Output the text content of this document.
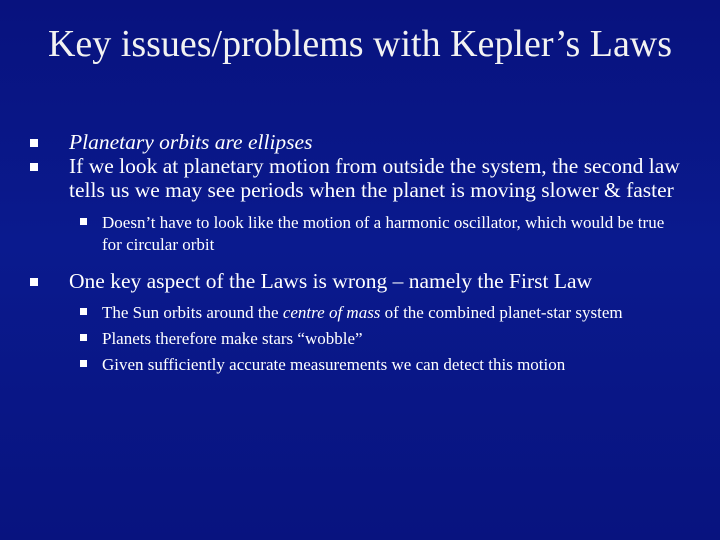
Key issues/problems with Kepler’s Laws
Planetary orbits are ellipses
If we look at planetary motion from outside the system, the second law tells us we may see periods when the planet is moving slower & faster
Doesn’t have to look like the motion of a harmonic oscillator, which would be true for circular orbit
One key aspect of the Laws is wrong – namely the First Law
The Sun orbits around the centre of mass of the combined planet-star system
Planets therefore make stars “wobble”
Given sufficiently accurate measurements we can detect this motion
